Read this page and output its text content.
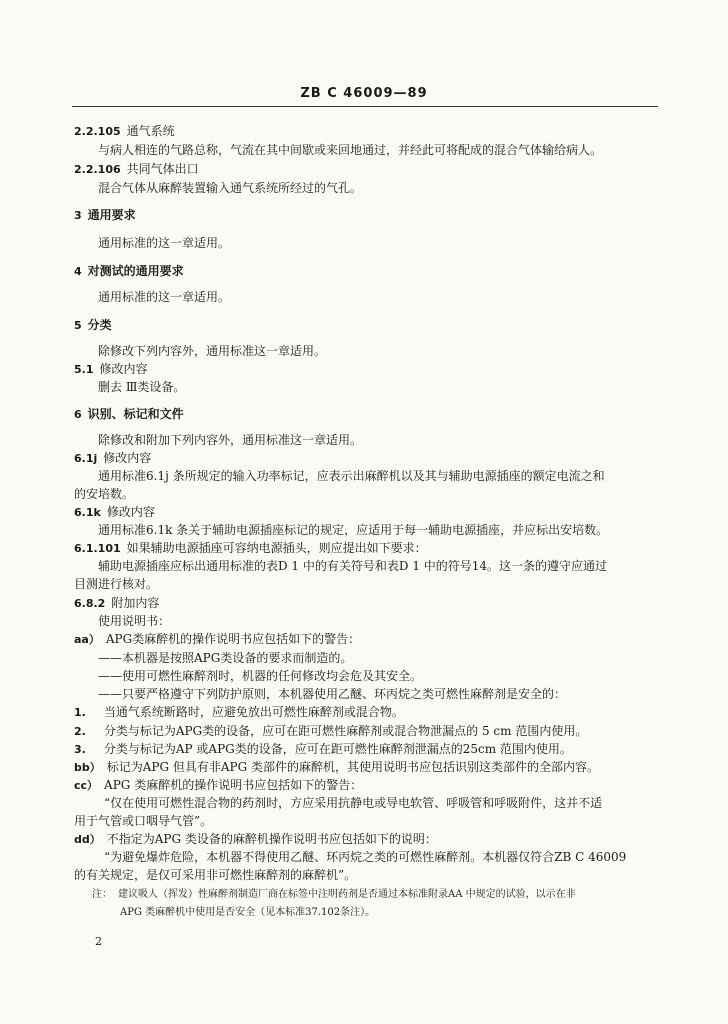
ZB C 46009—89
2.2.105 通气系统
与病人相连的气路总称，气流在其中间歇或来回地通过，并经此可将配成的混合气体输给病人。
2.2.106 共同气体出口
混合气体从麻醉装置输入通气系统所经过的气孔。
3 通用要求
通用标准的这一章适用。
4 对测试的通用要求
通用标准的这一章适用。
5 分类
除修改下列内容外，通用标准这一章适用。
5.1 修改内容
删去 Ⅲ类设备。
6 识别、标记和文件
除修改和附加下列内容外，通用标准这一章适用。
6.1j 修改内容
通用标准6.1j 条所规定的输入功率标记，应表示出麻醉机以及其与辅助电源插座的额定电流之和
的安培数。
6.1k 修改内容
通用标准6.1k 条关于辅助电源插座标记的规定，应适用于每一辅助电源插座，并应标出安培数。
6.1.101 如果辅助电源插座可容纳电源插头，则应提出如下要求：
辅助电源插座应标出通用标准的表D 1 中的有关符号和表D 1 中的符号14。这一条的遵守应通过
目测进行核对。
6.8.2 附加内容
使用说明书：
aa） APG类麻醉机的操作说明书应包括如下的警告：
——本机器是按照APG类设备的要求而制造的。
——使用可燃性麻醉剂时，机器的任何修改均会危及其安全。
——只要严格遵守下列防护原则，本机器使用乙醚、环丙烷之类可燃性麻醉剂是安全的：
1. 当通气系统断路时，应避免放出可燃性麻醉剂或混合物。
2. 分类与标记为APG类的设备，应可在距可燃性麻醉剂或混合物泄漏点的 5 cm 范围内使用。
3. 分类与标记为AP 或APG类的设备，应可在距可燃性麻醉剂泄漏点的25cm 范围内使用。
bb） 标记为APG 但具有非APG 类部件的麻醉机，其使用说明书应包括识别这类部件的全部内容。
cc） APG 类麻醉机的操作说明书应包括如下的警告：
“仅在使用可燃性混合物的药剂时，方应采用抗静电或导电软管、呼吸管和呼吸附件，这并不适
用于气管或口咽导气管”。
dd） 不指定为APG 类设备的麻醉机操作说明书应包括如下的说明：
“为避免爆炸危险，本机器不得使用乙醚、环丙烷之类的可燃性麻醉剂。本机器仅符合ZB C 46009
的有关规定，是仅可采用非可燃性麻醉剂的麻醉机”。
注： 建议吸人（挥发）性麻醉剂制造厂商在标签中注明药剂是否通过本标准附录AA 中规定的试验，以示在非
APG 类麻醉机中使用是否安全（见本标准37.102条注）。
2
